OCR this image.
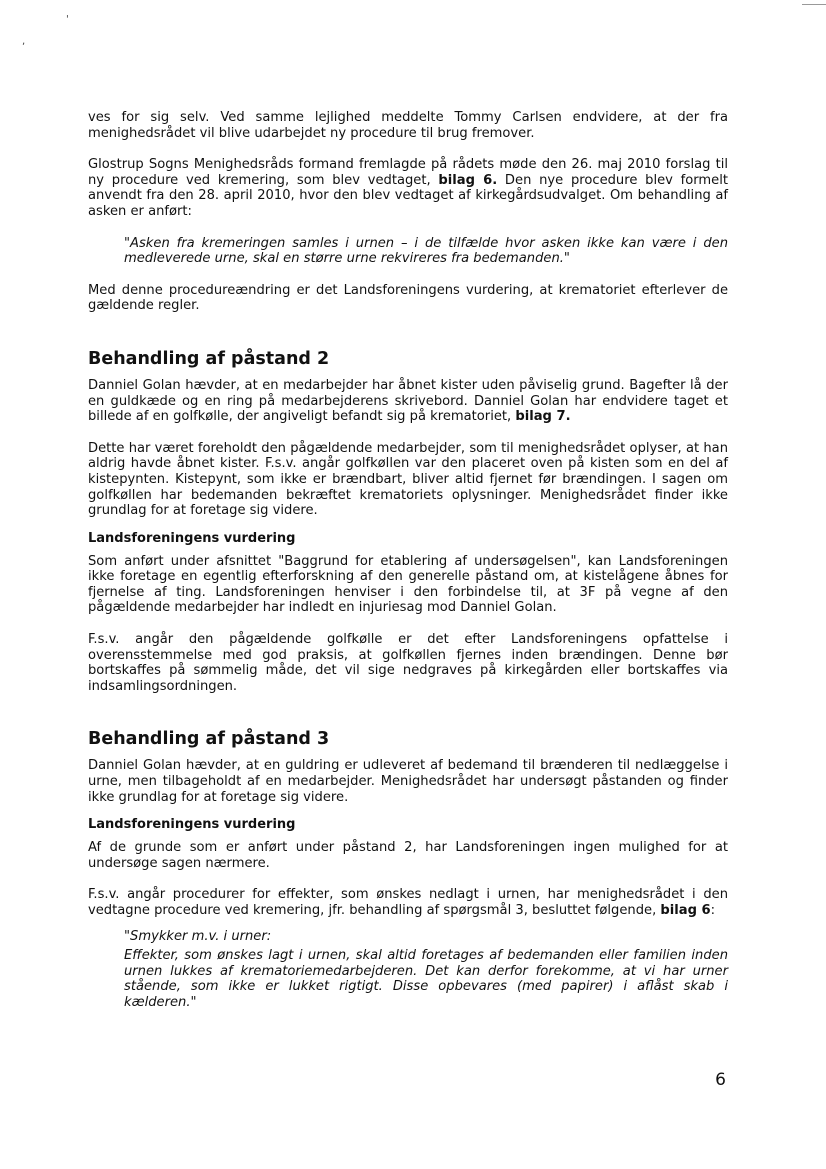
'
,

ves for sig selv. Ved samme lejlighed meddelte Tommy Carlsen endvidere, at der fra menighedsrådet vil blive udarbejdet ny procedure til brug fremover.

Glostrup Sogns Menighedsråds formand fremlagde på rådets møde den 26. maj 2010 forslag til ny procedure ved kremering, som blev vedtaget, bilag 6. Den nye procedure blev formelt anvendt fra den 28. april 2010, hvor den blev vedtaget af kirkegårdsudvalget. Om behandling af asken er anført:

"Asken fra kremeringen samles i urnen – i de tilfælde hvor asken ikke kan være i den medleverede urne, skal en større urne rekvireres fra bedemanden."

Med denne procedureændring er det Landsforeningens vurdering, at krematoriet efterlever de gældende regler.

Behandling af påstand 2

Danniel Golan hævder, at en medarbejder har åbnet kister uden påviselig grund. Bagefter lå der en guldkæde og en ring på medarbejderens skrivebord. Danniel Golan har endvidere taget et billede af en golfkølle, der angiveligt befandt sig på krematoriet, bilag 7.

Dette har været foreholdt den pågældende medarbejder, som til menighedsrådet oplyser, at han aldrig havde åbnet kister. F.s.v. angår golfkøllen var den placeret oven på kisten som en del af kistepynten. Kistepynt, som ikke er brændbart, bliver altid fjernet før brændingen. I sagen om golfkøllen har bedemanden bekræftet krematoriets oplysninger. Menighedsrådet finder ikke grundlag for at foretage sig videre.

Landsforeningens vurdering

Som anført under afsnittet "Baggrund for etablering af undersøgelsen", kan Landsforeningen ikke foretage en egentlig efterforskning af den generelle påstand om, at kistelågene åbnes for fjernelse af ting. Landsforeningen henviser i den forbindelse til, at 3F på vegne af den pågældende medarbejder har indledt en injuriesag mod Danniel Golan.

F.s.v. angår den pågældende golfkølle er det efter Landsforeningens opfattelse i overensstemmelse med god praksis, at golfkøllen fjernes inden brændingen. Denne bør bortskaffes på sømmelig måde, det vil sige nedgraves på kirkegården eller bortskaffes via indsamlingsordningen.

Behandling af påstand 3

Danniel Golan hævder, at en guldring er udleveret af bedemand til brænderen til nedlæggelse i urne, men tilbageholdt af en medarbejder. Menighedsrådet har undersøgt påstanden og finder ikke grundlag for at foretage sig videre.

Landsforeningens vurdering

Af de grunde som er anført under påstand 2, har Landsforeningen ingen mulighed for at undersøge sagen nærmere.

F.s.v. angår procedurer for effekter, som ønskes nedlagt i urnen, har menighedsrådet i den vedtagne procedure ved kremering, jfr. behandling af spørgsmål 3, besluttet følgende, bilag 6:

"Smykker m.v. i urner:

Effekter, som ønskes lagt i urnen, skal altid foretages af bedemanden eller familien inden urnen lukkes af krematoriemedarbejderen. Det kan derfor forekomme, at vi har urner stående, som ikke er lukket rigtigt. Disse opbevares (med papirer) i aflåst skab i kælderen."

6
